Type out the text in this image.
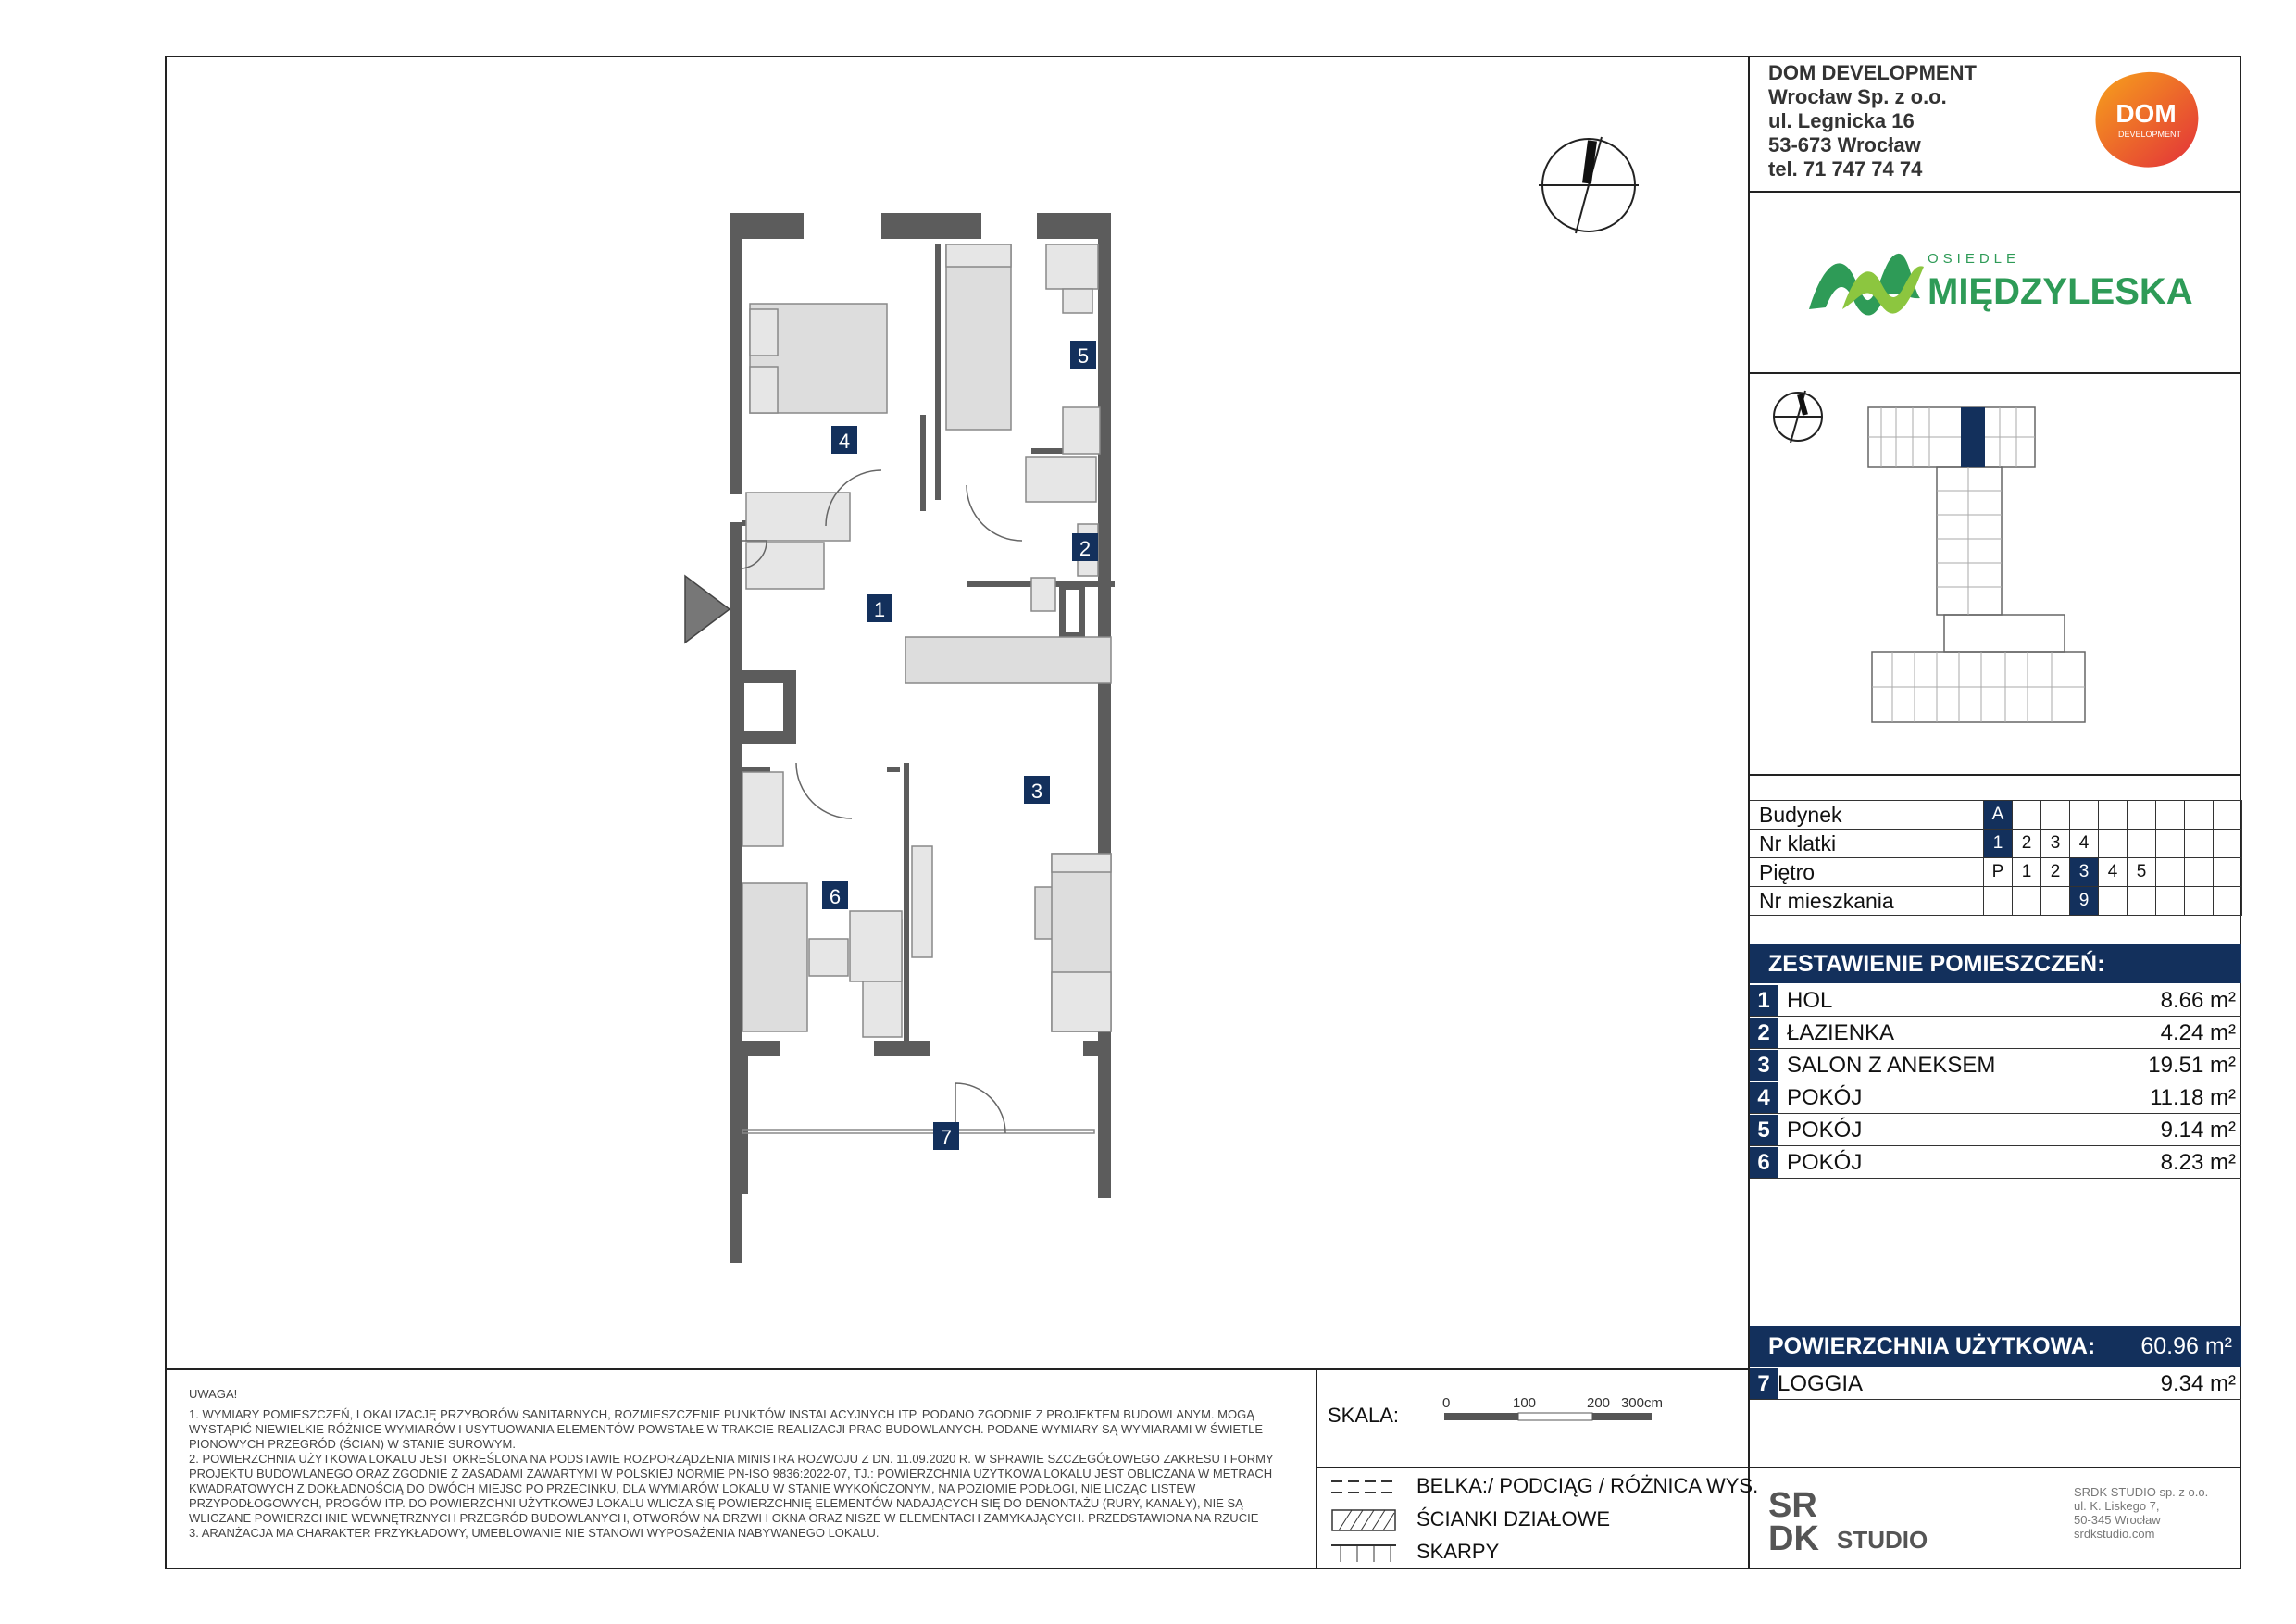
DOM DEVELOPMENT
Wrocław Sp. z o.o.
ul. Legnicka 16
53-673 Wrocław
tel. 71 747 74 74
DOM
DEVELOPMENT
OSIEDLE
MIĘDZYLESKA
Budynek	A								
Nr klatki	1	2	3	4					
Piętro	P	1	2	3	4	5			
Nr mieszkania				9					
ZESTAWIENIE POMIESZCZEŃ:
1 HOL	8.66 m²
2 ŁAZIENKA	4.24 m²
3 SALON Z ANEKSEM	19.51 m²
4 POKÓJ	11.18 m²
5 POKÓJ	9.14 m²
6 POKÓJ	8.23 m²
POWIERZCHNIA UŻYTKOWA: 60.96 m²
7 LOGGIA	9.34 m²

UWAGA!

1. WYMIARY POMIESZCZEŃ, LOKALIZACJĘ PRZYBORÓW SANITARNYCH, ROZMIESZCZENIE PUNKTÓW INSTALACYJNYCH ITP. PODANO ZGODNIE Z PROJEKTEM BUDOWLANYM. MOGĄ

WYSTĄPIĆ NIEWIELKIE RÓŻNICE WYMIARÓW I USYTUOWANIA ELEMENTÓW POWSTAŁE W TRAKCIE REALIZACJI PRAC BUDOWLANYCH. PODANE WYMIARY SĄ WYMIARAMI W ŚWIETLE

PIONOWYCH PRZEGRÓD (ŚCIAN) W STANIE SUROWYM.

2. POWIERZCHNIA UŻYTKOWA LOKALU JEST OKREŚLONA NA PODSTAWIE ROZPORZĄDZENIA MINISTRA ROZWOJU Z DN. 11.09.2020 R. W SPRAWIE SZCZEGÓŁOWEGO ZAKRESU I FORMY

PROJEKTU BUDOWLANEGO ORAZ ZGODNIE Z ZASADAMI ZAWARTYMI W POLSKIEJ NORMIE PN-ISO 9836:2022-07, TJ.: POWIERZCHNIA UŻYTKOWA LOKALU JEST OBLICZANA W METRACH

KWADRATOWYCH Z DOKŁADNOŚCIĄ DO DWÓCH MIEJSC PO PRZECINKU, DLA WYMIARÓW LOKALU W STANIE WYKOŃCZONYM, NA POZIOMIE PODŁOGI, NIE LICZĄC LISTEW

PRZYPODŁOGOWYCH, PROGÓW ITP. DO POWIERZCHNI UŻYTKOWEJ LOKALU WLICZA SIĘ POWIERZCHNIĘ ELEMENTÓW NADAJĄCYCH SIĘ DO DENONTAŻU (RURY, KANAŁY), NIE SĄ

WLICZANE POWIERZCHNIE WEWNĘTRZNYCH PRZEGRÓD BUDOWLANYCH, OTWORÓW NA DRZWI I OKNA ORAZ NISZE W ELEMENTACH ZAMYKAJĄCYCH. PRZEDSTAWIONA NA RZUCIE

3. ARANŻACJA MA CHARAKTER PRZYKŁADOWY, UMEBLOWANIE NIE STANOWI WYPOSAŻENIA NABYWANEGO LOKALU.

SKALA:
0	100	200 300cm
BELKA:/ PODCIĄG / RÓŻNICA WYS.
ŚCIANKI DZIAŁOWE
SKARPY
SR
DK STUDIO
SRDK STUDIO sp. z o.o.
ul. K. Liskego 7,
50-345 Wrocław
srdkstudio.com
1
2
3
4
5
6
7
